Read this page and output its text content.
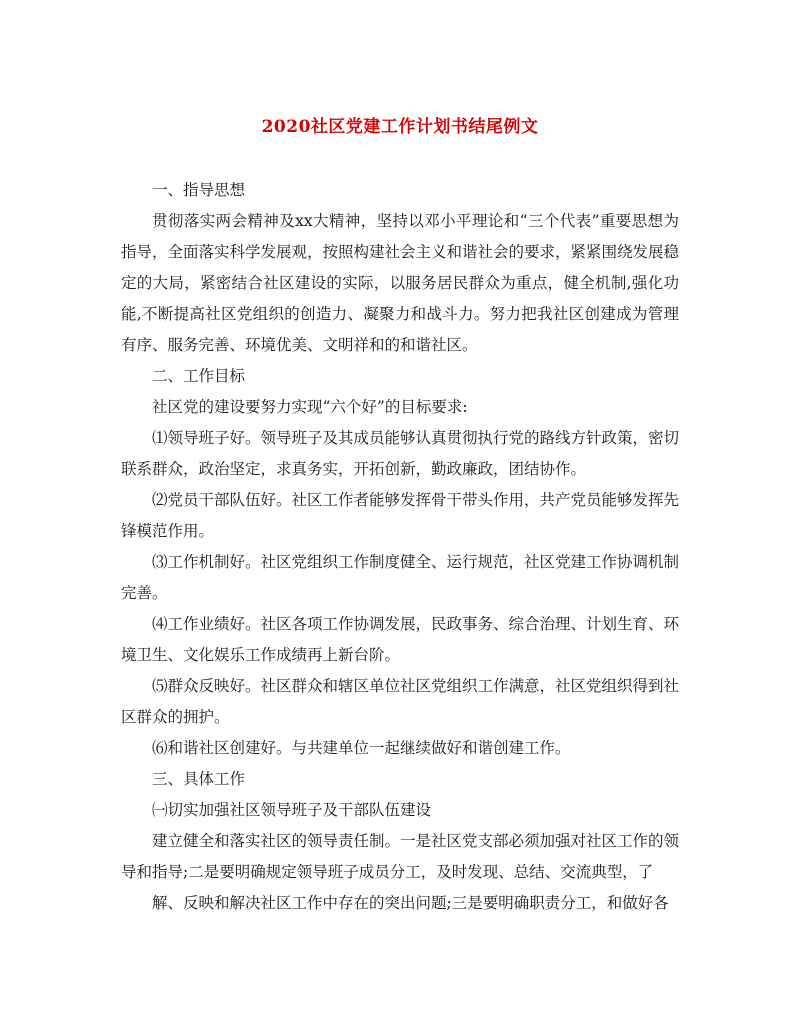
2020社区党建工作计划书结尾例文
一、指导思想
贯彻落实两会精神及xx大精神，坚持以邓小平理论和“三个代表”重要思想为指导，全面落实科学发展观，按照构建社会主义和谐社会的要求，紧紧围绕发展稳定的大局，紧密结合社区建设的实际，以服务居民群众为重点，健全机制,强化功能,不断提高社区党组织的创造力、凝聚力和战斗力。努力把我社区创建成为管理有序、服务完善、环境优美、文明祥和的和谐社区。
二、工作目标
社区党的建设要努力实现“六个好”的目标要求:
⑴领导班子好。领导班子及其成员能够认真贯彻执行党的路线方针政策，密切联系群众，政治坚定，求真务实，开拓创新，勤政廉政，团结协作。
⑵党员干部队伍好。社区工作者能够发挥骨干带头作用，共产党员能够发挥先锋模范作用。
⑶工作机制好。社区党组织工作制度健全、运行规范，社区党建工作协调机制完善。
⑷工作业绩好。社区各项工作协调发展，民政事务、综合治理、计划生育、环境卫生、文化娱乐工作成绩再上新台阶。
⑸群众反映好。社区群众和辖区单位社区党组织工作满意，社区党组织得到社区群众的拥护。
⑹和谐社区创建好。与共建单位一起继续做好和谐创建工作。
三、具体工作
㈠切实加强社区领导班子及干部队伍建设
建立健全和落实社区的领导责任制。一是社区党支部必须加强对社区工作的领 导和指导;二是要明确规定领导班子成员分工，及时发现、总结、交流典型，了
解、反映和解决社区工作中存在的突出问题;三是要明确职责分工，和做好各
